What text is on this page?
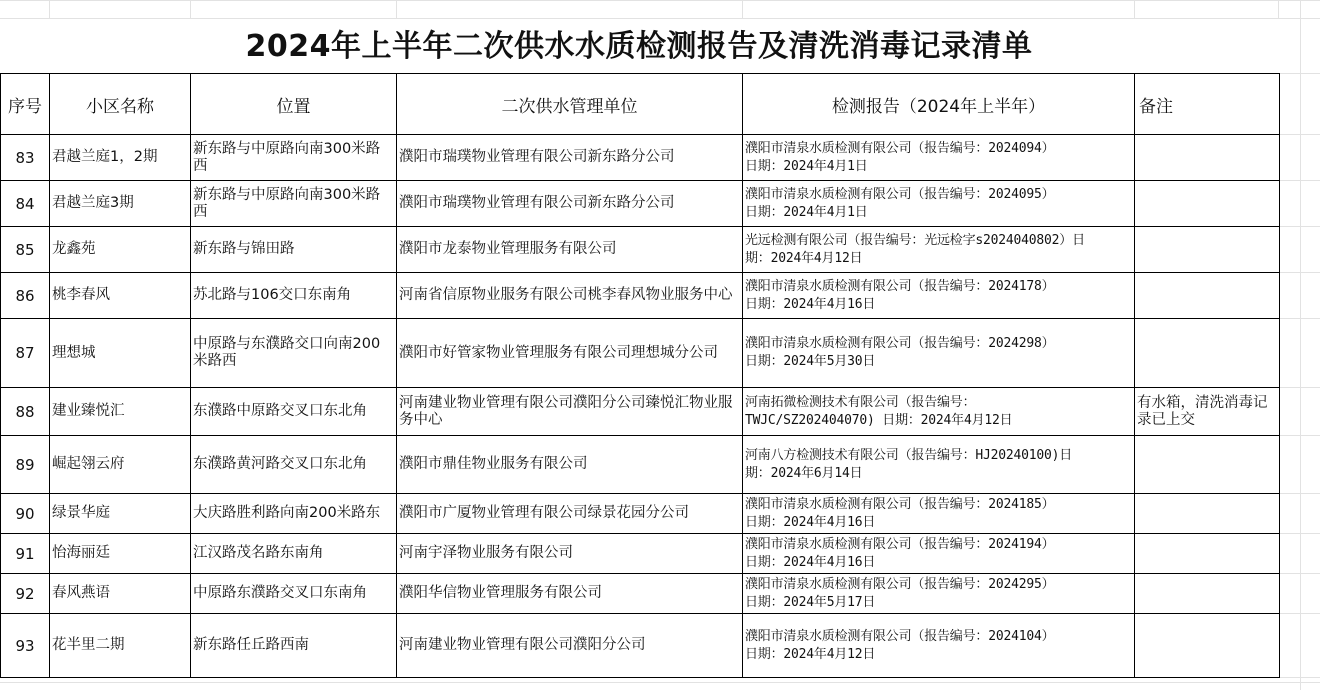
2024年上半年二次供水水质检测报告及清洗消毒记录清单
序号	小区名称	位置	二次供水管理单位	检测报告（2024年上半年）	备注
83	君越兰庭1，2期	新东路与中原路向南300米路西	濮阳市瑞璞物业管理有限公司新东路分公司	濮阳市清泉水质检测有限公司（报告编号：2024094）
日期：2024年4月1日	

84	君越兰庭3期	新东路与中原路向南300米路西	濮阳市瑞璞物业管理有限公司新东路分公司	濮阳市清泉水质检测有限公司（报告编号：2024095）
日期：2024年4月1日	

85	龙鑫苑	新东路与锦田路	濮阳市龙泰物业管理服务有限公司	光远检测有限公司（报告编号：光远检字s2024040802）日
期：2024年4月12日	

86	桃李春风	苏北路与106交口东南角	河南省信原物业服务有限公司桃李春风物业服务中心	濮阳市清泉水质检测有限公司（报告编号：2024178）
日期：2024年4月16日	

87	理想城	中原路与东濮路交口向南200米路西	濮阳市好管家物业管理服务有限公司理想城分公司	濮阳市清泉水质检测有限公司（报告编号：2024298）
日期：2024年5月30日	

88	建业臻悦汇	东濮路中原路交叉口东北角	河南建业物业管理有限公司濮阳分公司臻悦汇物业服务中心	河南拓微检测技术有限公司（报告编号：
TWJC/SZ202404070) 日期：2024年4月12日	有水箱，清洗消毒记录已上交
89	崛起翎云府	东濮路黄河路交叉口东北角	濮阳市鼎佳物业服务有限公司	河南八方检测技术有限公司（报告编号：HJ20240100)日
期：2024年6月14日	

90	绿景华庭	大庆路胜利路向南200米路东	濮阳市广厦物业管理有限公司绿景花园分公司	濮阳市清泉水质检测有限公司（报告编号：2024185）
日期：2024年4月16日	

91	怡海丽廷	江汉路茂名路东南角	河南宇泽物业服务有限公司	濮阳市清泉水质检测有限公司（报告编号：2024194）
日期：2024年4月16日	

92	春风燕语	中原路东濮路交叉口东南角	濮阳华信物业管理服务有限公司	濮阳市清泉水质检测有限公司（报告编号：2024295）
日期：2024年5月17日	

93	花半里二期	新东路任丘路西南	河南建业物业管理有限公司濮阳分公司	濮阳市清泉水质检测有限公司（报告编号：2024104）
日期：2024年4月12日	
